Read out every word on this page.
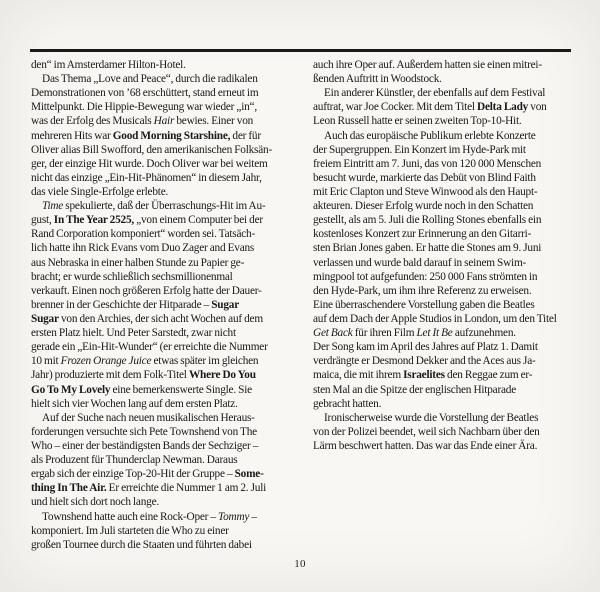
den“ im Amsterdamer Hilton-Hotel.
Das Thema „Love and Peace“, durch die radikalen
Demonstrationen von ’68 erschüttert, stand erneut im
Mittelpunkt. Die Hippie-Bewegung war wieder „in“,
was der Erfolg des Musicals Hair bewies. Einer von
mehreren Hits war Good Morning Starshine, der für
Oliver alias Bill Swofford, den amerikanischen Folksän-
ger, der einzige Hit wurde. Doch Oliver war bei weitem
nicht das einzige „Ein-Hit-Phänomen“ in diesem Jahr,
das viele Single-Erfolge erlebte.
Time spekulierte, daß der Überraschungs-Hit im Au-
gust, In The Year 2525, „von einem Computer bei der
Rand Corporation komponiert“ worden sei. Tatsäch-
lich hatte ihn Rick Evans vom Duo Zager and Evans
aus Nebraska in einer halben Stunde zu Papier ge-
bracht; er wurde schließlich sechsmillionenmal
verkauft. Einen noch größeren Erfolg hatte der Dauer-
brenner in der Geschichte der Hitparade – Sugar
Sugar von den Archies, der sich acht Wochen auf dem
ersten Platz hielt. Und Peter Sarstedt, zwar nicht
gerade ein „Ein-Hit-Wunder“ (er erreichte die Nummer
10 mit Frozen Orange Juice etwas später im gleichen
Jahr) produzierte mit dem Folk-Titel Where Do You
Go To My Lovely eine bemerkenswerte Single. Sie
hielt sich vier Wochen lang auf dem ersten Platz.
Auf der Suche nach neuen musikalischen Heraus-
forderungen versuchte sich Pete Townshend von The
Who – einer der beständigsten Bands der Sechziger –
als Produzent für Thunderclap Newman. Daraus
ergab sich der einzige Top-20-Hit der Gruppe – Some-
thing In The Air. Er erreichte die Nummer 1 am 2. Juli
und hielt sich dort noch lange.
Townshend hatte auch eine Rock-Oper – Tommy –
komponiert. Im Juli starteten die Who zu einer
großen Tournee durch die Staaten und führten dabei
auch ihre Oper auf. Außerdem hatten sie einen mitrei-
ßenden Auftritt in Woodstock.
Ein anderer Künstler, der ebenfalls auf dem Festival
auftrat, war Joe Cocker. Mit dem Titel Delta Lady von
Leon Russell hatte er seinen zweiten Top-10-Hit.
Auch das europäische Publikum erlebte Konzerte
der Supergruppen. Ein Konzert im Hyde-Park mit
freiem Eintritt am 7. Juni, das von 120 000 Menschen
besucht wurde, markierte das Debüt von Blind Faith
mit Eric Clapton und Steve Winwood als den Haupt-
akteuren. Dieser Erfolg wurde noch in den Schatten
gestellt, als am 5. Juli die Rolling Stones ebenfalls ein
kostenloses Konzert zur Erinnerung an den Gitarri-
sten Brian Jones gaben. Er hatte die Stones am 9. Juni
verlassen und wurde bald darauf in seinem Swim-
mingpool tot aufgefunden: 250 000 Fans strömten in
den Hyde-Park, um ihm ihre Referenz zu erweisen.
Eine überraschendere Vorstellung gaben die Beatles
auf dem Dach der Apple Studios in London, um den Titel
Get Back für ihren Film Let It Be aufzunehmen.
Der Song kam im April des Jahres auf Platz 1. Damit
verdrängte er Desmond Dekker and the Aces aus Ja-
maica, die mit ihrem Israelites den Reggae zum er-
sten Mal an die Spitze der englischen Hitparade
gebracht hatten.
Ironischerweise wurde die Vorstellung der Beatles
von der Polizei beendet, weil sich Nachbarn über den
Lärm beschwert hatten. Das war das Ende einer Ära.
10
